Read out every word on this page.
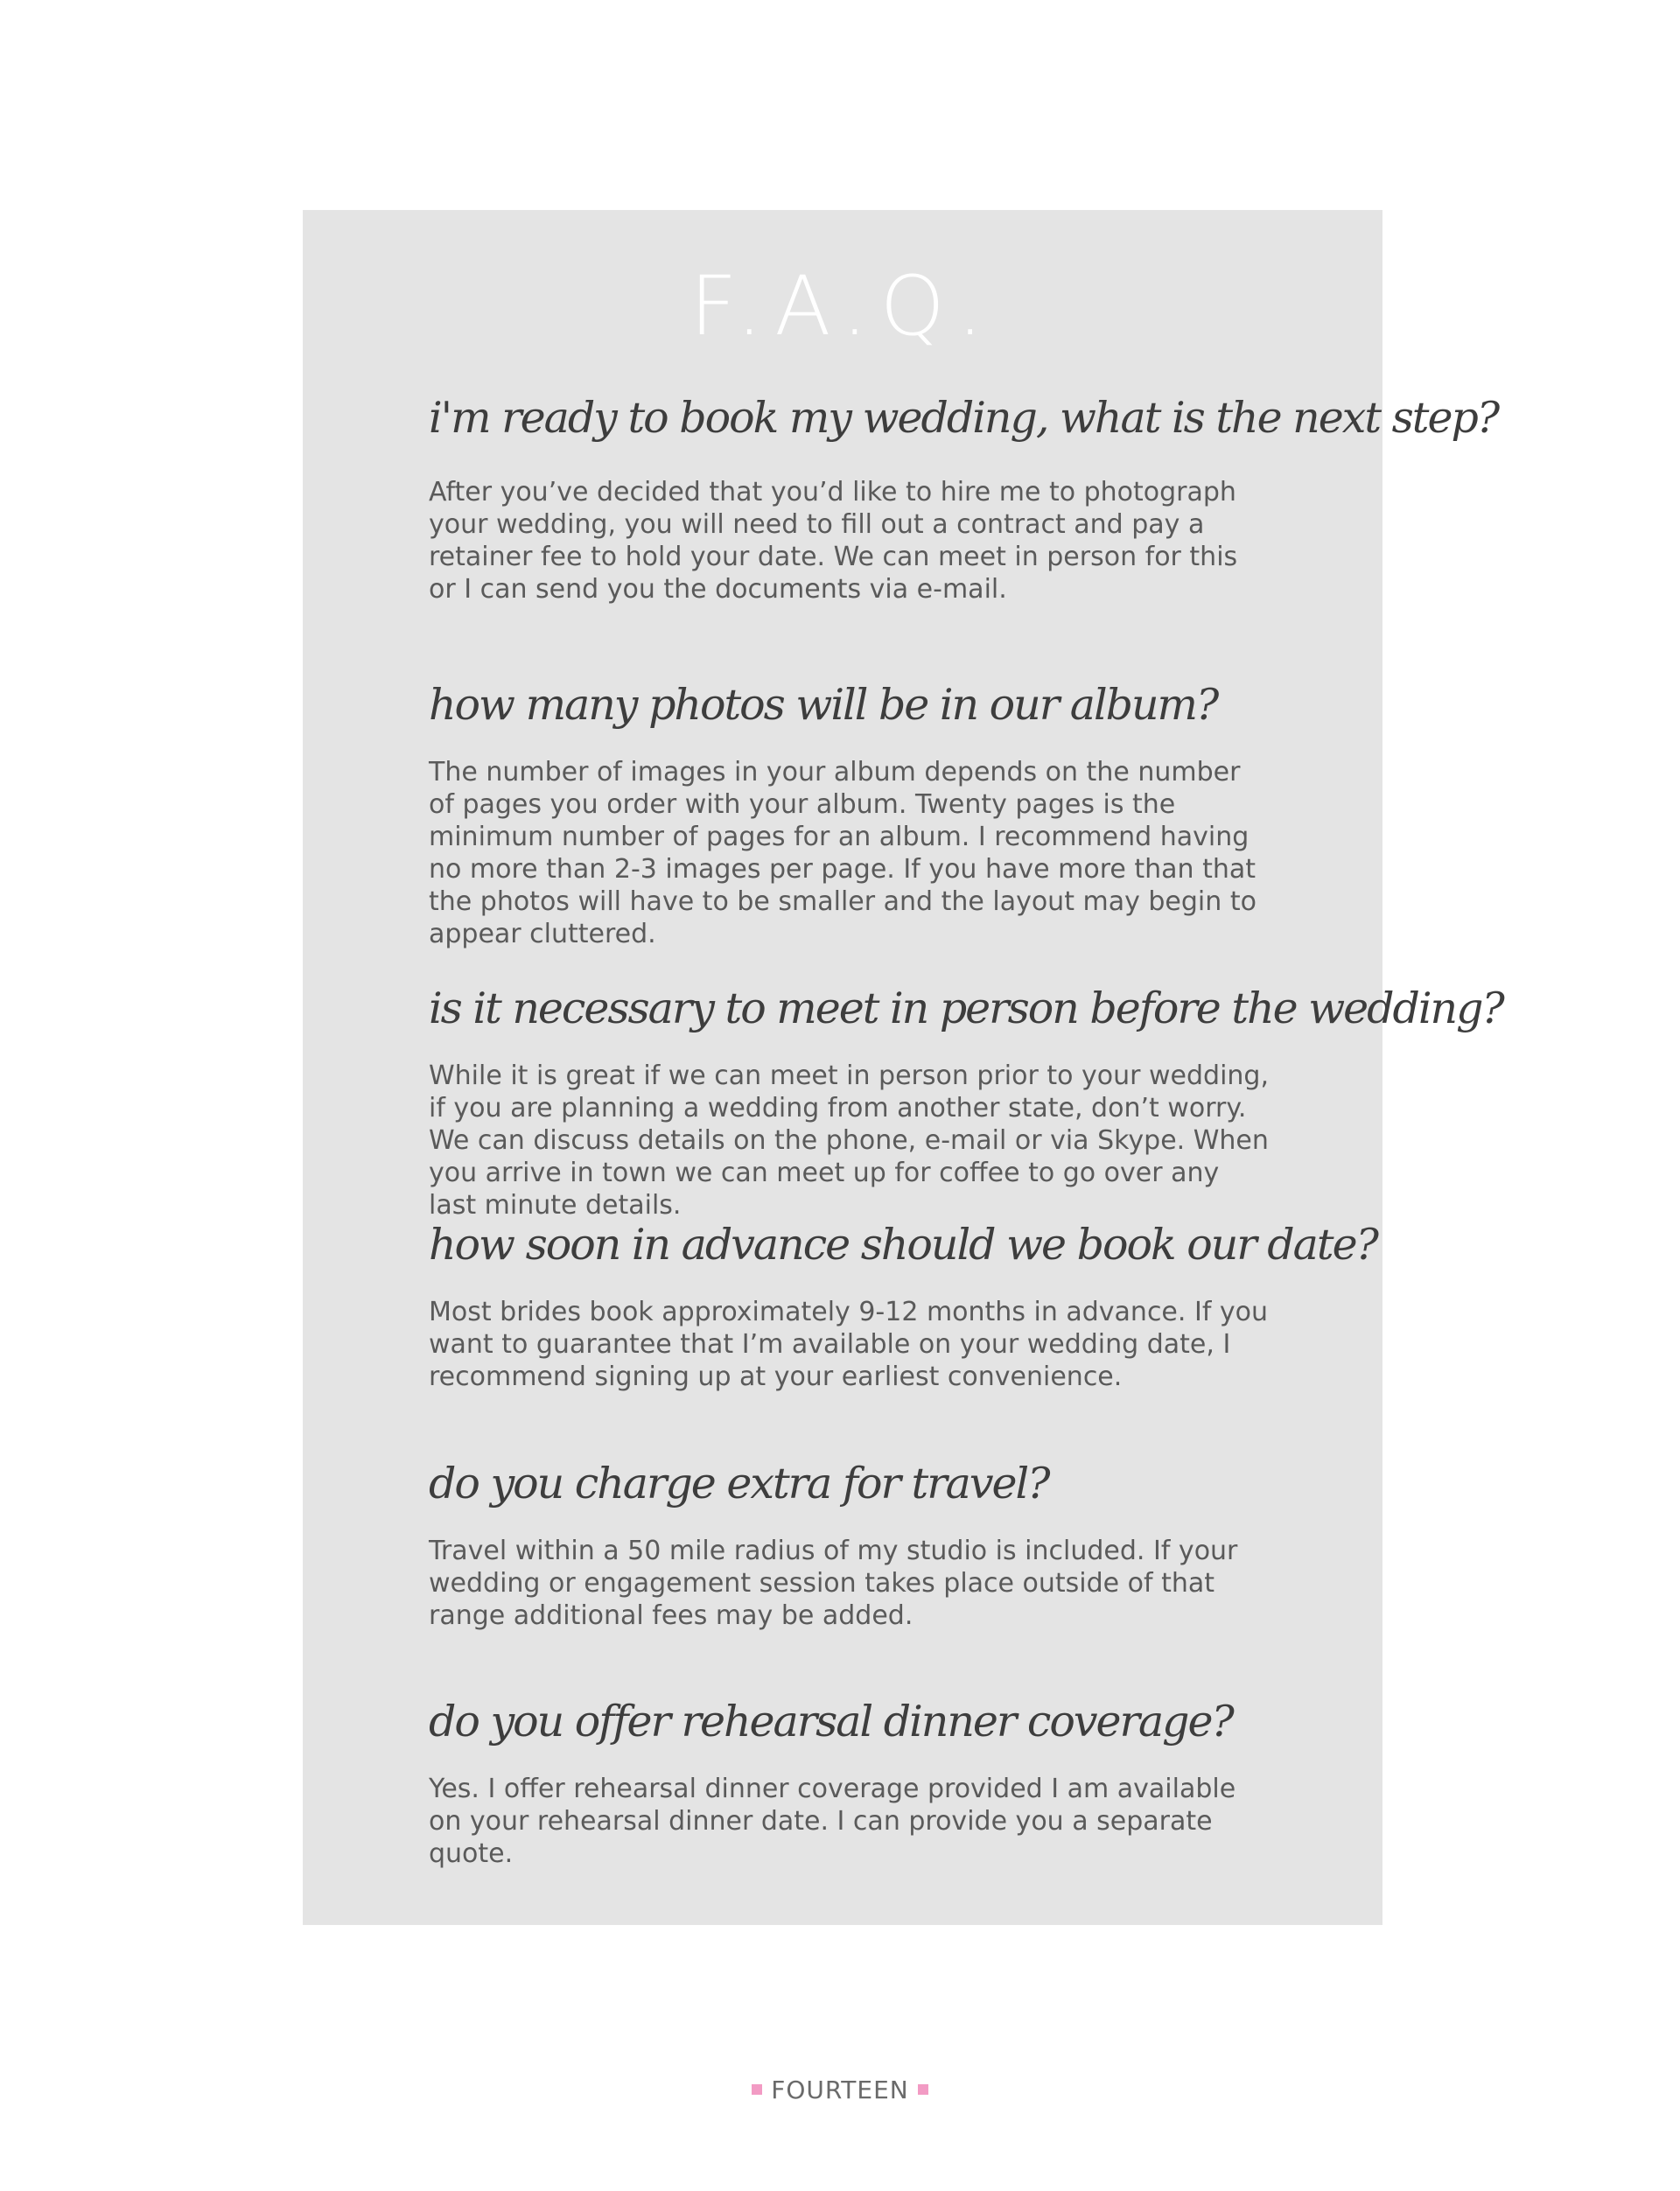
F.A.Q.
i'm ready to book my wedding, what is the next step?

After you’ve decided that you’d like to hire me to photograph your wedding, you will need to fill out a contract and pay a retainer fee to hold your date. We can meet in person for this or I can send you the documents via e-mail.

how many photos will be in our album?

The number of images in your album depends on the number of pages you order with your album. Twenty pages is the minimum number of pages for an album. I recommend having no more than 2-3 images per page. If you have more than that the photos will have to be smaller and the layout may begin to appear cluttered.

is it necessary to meet in person before the wedding?

While it is great if we can meet in person prior to your wedding, if you are planning a wedding from another state, don’t worry. We can discuss details on the phone, e-mail or via Skype. When you arrive in town we can meet up for coffee to go over any last minute details.

how soon in advance should we book our date?

Most brides book approximately 9-12 months in advance. If you want to guarantee that I’m available on your wedding date, I recommend signing up at your earliest convenience.

do you charge extra for travel?

Travel within a 50 mile radius of my studio is included. If your wedding or engagement session takes place outside of that range additional fees may be added.

do you offer rehearsal dinner coverage?

Yes. I offer rehearsal dinner coverage provided I am available on your rehearsal dinner date. I can provide you a separate quote.

FOURTEEN
